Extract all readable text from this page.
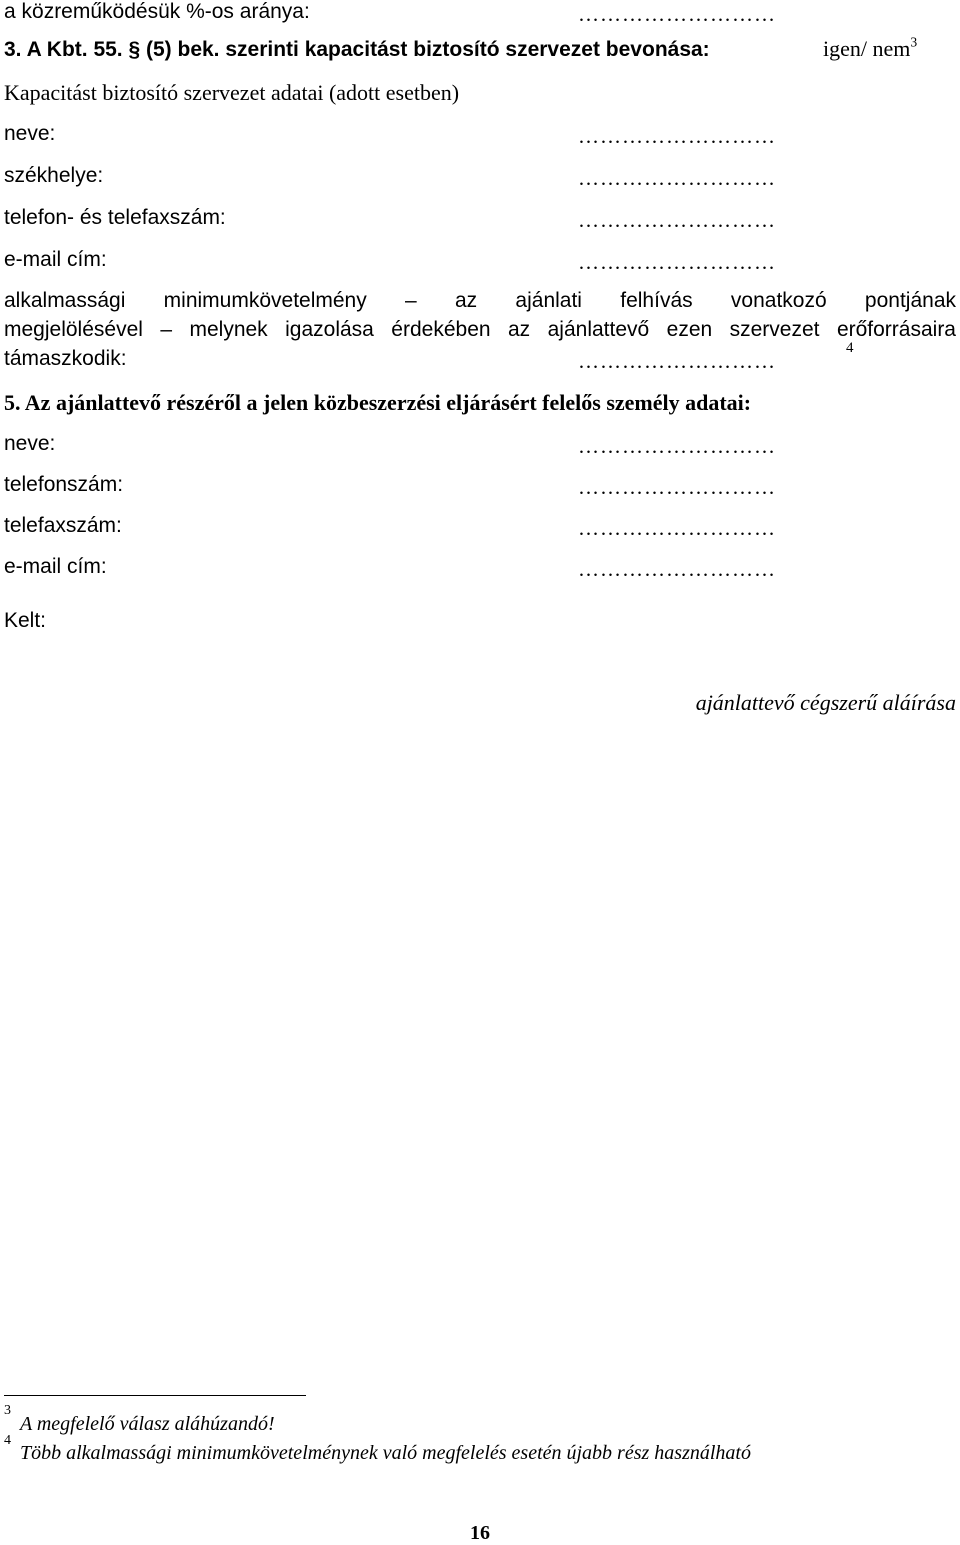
a közreműködésük %-os aránya:	………………………
3. A Kbt. 55. § (5) bek. szerinti kapacitást biztosító szervezet bevonása:	igen/ nem$^3$
Kapacitást biztosító szervezet adatai (adott esetben)
neve:	………………………
székhelye:	………………………
telefon- és telefaxszám:	………………………
e-mail cím:	………………………
alkalmassági minimumkövetelmény – az ajánlati felhívás vonatkozó pontjának
megjelölésével – melynek igazolása érdekében az ajánlattevő ezen szervezet erőforrásaira
támaszkodik:	………………………
4
5. Az ajánlattevő részéről a jelen közbeszerzési eljárásért felelős személy adatai:
neve:	………………………
telefonszám:	………………………
telefaxszám:	………………………
e-mail cím:	………………………
Kelt:
ajánlattevő cégszerű aláírása
3
A megfelelő válasz aláhúzandó!
4
Több alkalmassági minimumkövetelménynek való megfelelés esetén újabb rész használható
16
